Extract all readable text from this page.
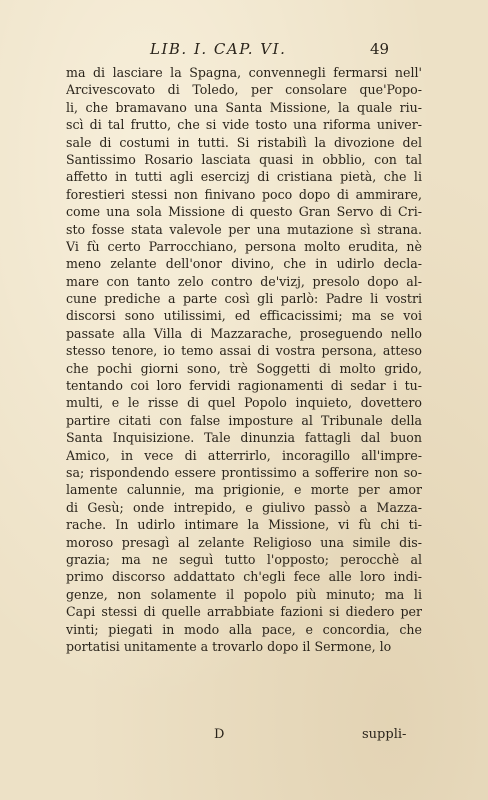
LIB. I. CAP. VI.	49
ma di lasciare la Spagna, convennegli fermarsi nell'
Arcivescovato di Toledo, per consolare que'Popo-
li, che bramavano una Santa Missione, la quale riu-
scì di tal frutto, che si vide tosto una riforma univer-
sale di costumi in tutti. Si ristabilì la divozione del
Santissimo Rosario lasciata quasi in obblio, con tal
affetto in tutti agli esercizj di cristiana pietà, che li
forestieri stessi non finivano poco dopo di ammirare,
come una sola Missione di questo Gran Servo di Cri-
sto fosse stata valevole per una mutazione sì strana.
Vi fù certo Parrocchiano, persona molto erudita, nè
meno zelante dell'onor divino, che in udirlo decla-
mare con tanto zelo contro de'vizj, presolo dopo al-
cune prediche a parte così gli parlò: Padre li vostri
discorsi sono utilissimi, ed efficacissimi; ma se voi
passate alla Villa di Mazzarache, proseguendo nello
stesso tenore, io temo assai di vostra persona, atteso
che pochi giorni sono, trè Soggetti di molto grido,
tentando coi loro fervidi ragionamenti di sedar i tu-
multi, e le risse di quel Popolo inquieto, dovettero
partire citati con false imposture al Tribunale della
Santa Inquisizione. Tale dinunzia fattagli dal buon
Amico, in vece di atterrirlo, incoragillo all'impre-
sa; rispondendo essere prontissimo a sofferire non so-
lamente calunnie, ma prigionie, e morte per amor
di Gesù; onde intrepido, e giulivo passò a Mazza-
rache. In udirlo intimare la Missione, vi fù chi ti-
moroso presagì al zelante Religioso una simile dis-
grazia; ma ne seguì tutto l'opposto; perocchè al
primo discorso addattato ch'egli fece alle loro indi-
genze, non solamente il popolo più minuto; ma li
Capi stessi di quelle arrabbiate fazioni si diedero per
vinti; piegati in modo alla pace, e concordia, che
portatisi unitamente a trovarlo dopo il Sermone, lo
D	suppli-
